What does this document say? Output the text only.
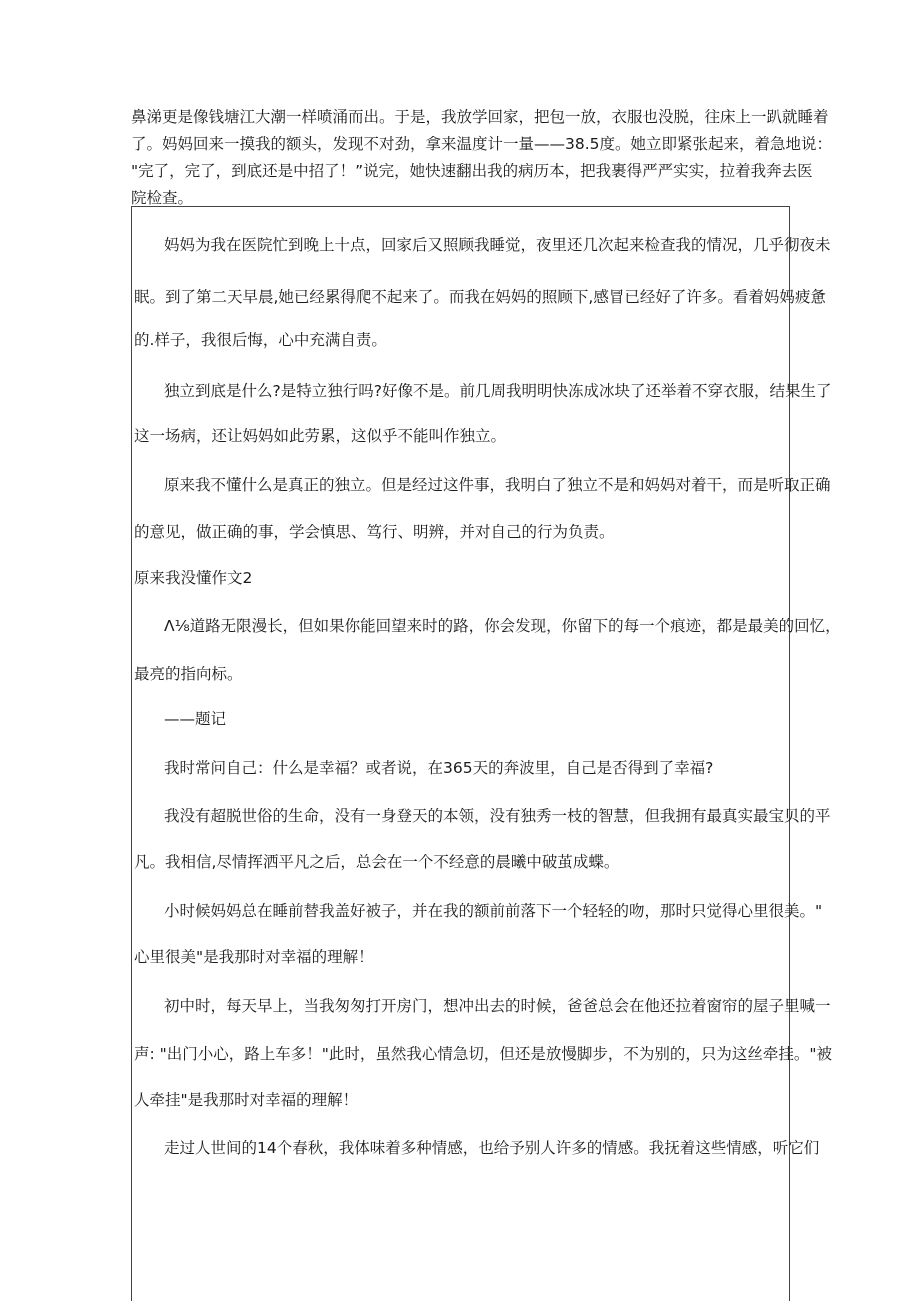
鼻涕更是像钱塘江大潮一样喷涌而出。于是，我放学回家，把包一放，衣服也没脱，往床上一趴就睡着
了。妈妈回来一摸我的额头，发现不对劲，拿来温度计一量——38.5度。她立即紧张起来，着急地说：
"完了，完了，到底还是中招了！”说完，她快速翻出我的病历本，把我裹得严严实实，拉着我奔去医
院检查。
妈妈为我在医院忙到晚上十点，回家后又照顾我睡觉，夜里还几次起来检查我的情况，几乎彻夜未
眠。到了第二天早晨,她已经累得爬不起来了。而我在妈妈的照顾下,感冒已经好了许多。看着妈妈疲惫
的.样子，我很后悔，心中充满自责。
独立到底是什么?是特立独行吗?好像不是。前几周我明明快冻成冰块了还举着不穿衣服，结果生了
这一场病，还让妈妈如此劳累，这似乎不能叫作独立。
原来我不懂什么是真正的独立。但是经过这件事，我明白了独立不是和妈妈对着干，而是听取正确
的意见，做正确的事，学会慎思、笃行、明辨，并对自己的行为负责。
原来我没懂作文2
Λ⅛道路无限漫长，但如果你能回望来时的路，你会发现，你留下的每一个痕迹，都是最美的回忆，
最亮的指向标。
——题记
我时常问自己：什么是幸福？或者说，在365天的奔波里，自己是否得到了幸福?
我没有超脱世俗的生命，没有一身登天的本领，没有独秀一枝的智慧，但我拥有最真实最宝贝的平
凡。我相信,尽情挥洒平凡之后，总会在一个不经意的晨曦中破茧成蝶。
小时候妈妈总在睡前替我盖好被子，并在我的额前前落下一个轻轻的吻，那时只觉得心里很美。"
心里很美"是我那时对幸福的理解！
初中时，每天早上，当我匆匆打开房门，想冲出去的时候，爸爸总会在他还拉着窗帘的屋子里喊一
声: "出门小心，路上车多！"此时，虽然我心情急切，但还是放慢脚步，不为别的，只为这丝牵挂。"被
人牵挂"是我那时对幸福的理解！
走过人世间的14个春秋，我体味着多种情感，也给予别人许多的情感。我抚着这些情感，听它们
